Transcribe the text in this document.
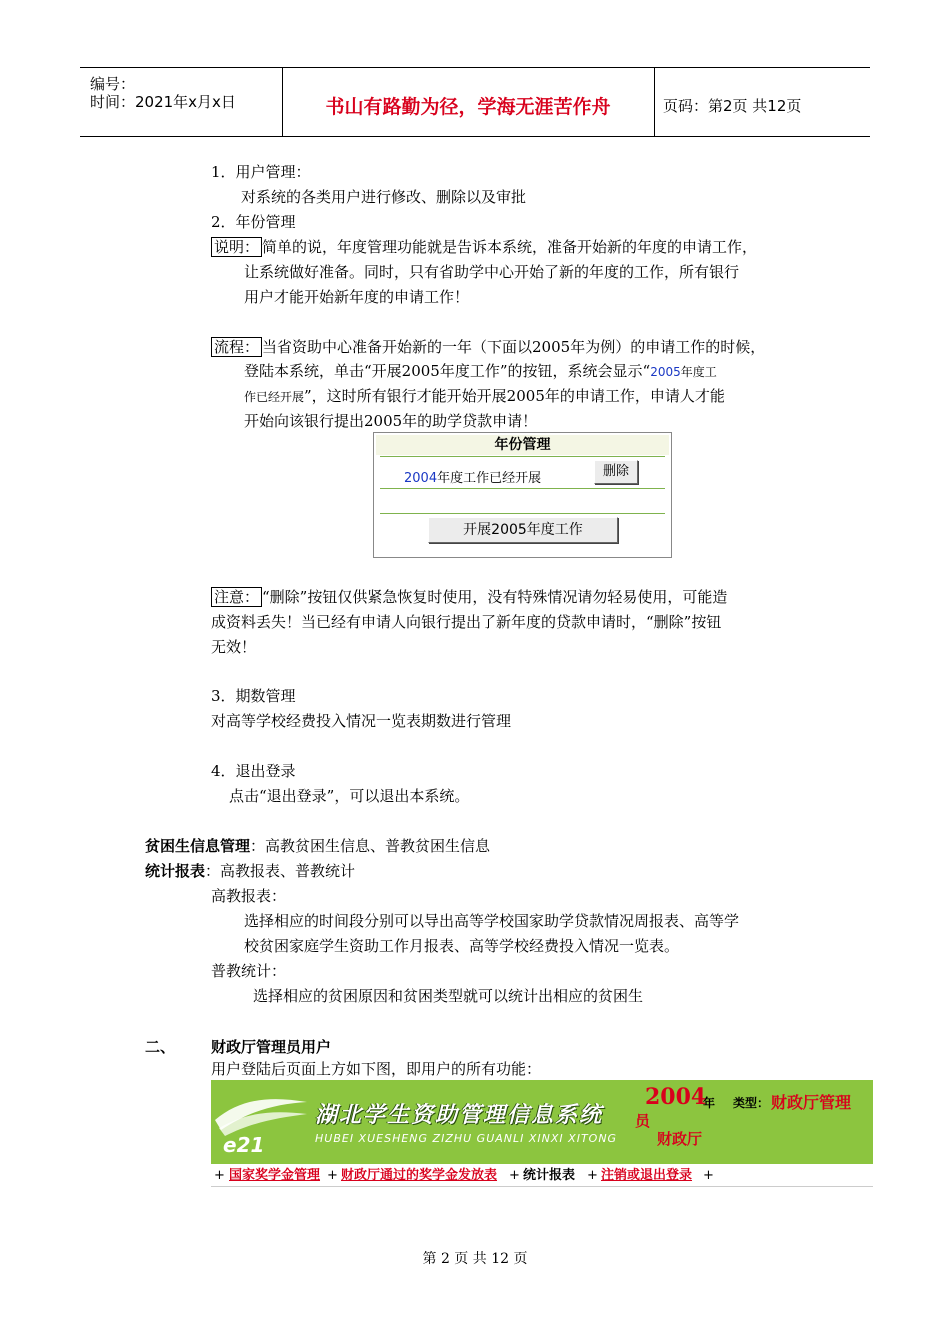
编号：
时间：2021年x月x日	书山有路勤为径，学海无涯苦作舟	页码：第2页 共12页
1．用户管理：
对系统的各类用户进行修改、删除以及审批
2．年份管理
说明： 简单的说，年度管理功能就是告诉本系统，准备开始新的年度的申请工作，
让系统做好准备。同时，只有省助学中心开始了新的年度的工作，所有银行
用户才能开始新年度的申请工作！
流程： 当省资助中心准备开始新的一年（下面以2005年为例）的申请工作的时候，
登陆本系统，单击“开展2005年度工作”的按钮，系统会显示“2005年度工
作已经开展”，这时所有银行才能开始开展2005年的申请工作，申请人才能
开始向该银行提出2005年的助学贷款申请！
年份管理
2004年度工作已经开展	删除
开展2005年度工作
注意： “删除”按钮仅供紧急恢复时使用，没有特殊情况请勿轻易使用，可能造
成资料丢失！当已经有申请人向银行提出了新年度的贷款申请时，“删除”按钮
无效！
3．期数管理
对高等学校经费投入情况一览表期数进行管理
4．退出登录
点击“退出登录”，可以退出本系统。
贫困生信息管理：高教贫困生信息、普教贫困生信息
统计报表：高教报表、普教统计
高教报表：
选择相应的时间段分别可以导出高等学校国家助学贷款情况周报表、高等学
校贫困家庭学生资助工作月报表、高等学校经费投入情况一览表。
普教统计：
选择相应的贫困原因和贫困类型就可以统计出相应的贫困生
二、 财政厅管理员用户
用户登陆后页面上方如下图，即用户的所有功能：
e21
湖北学生资助管理信息系统
HUBEI XUESHENG ZIZHU GUANLI XINXI XITONG
2004
年 类型： 财政厅管理
员
财政厅
+ 国家奖学金管理 + 财政厅通过的奖学金发放表 + 统计报表 + 注销或退出登录 +
第 2 页 共 12 页
